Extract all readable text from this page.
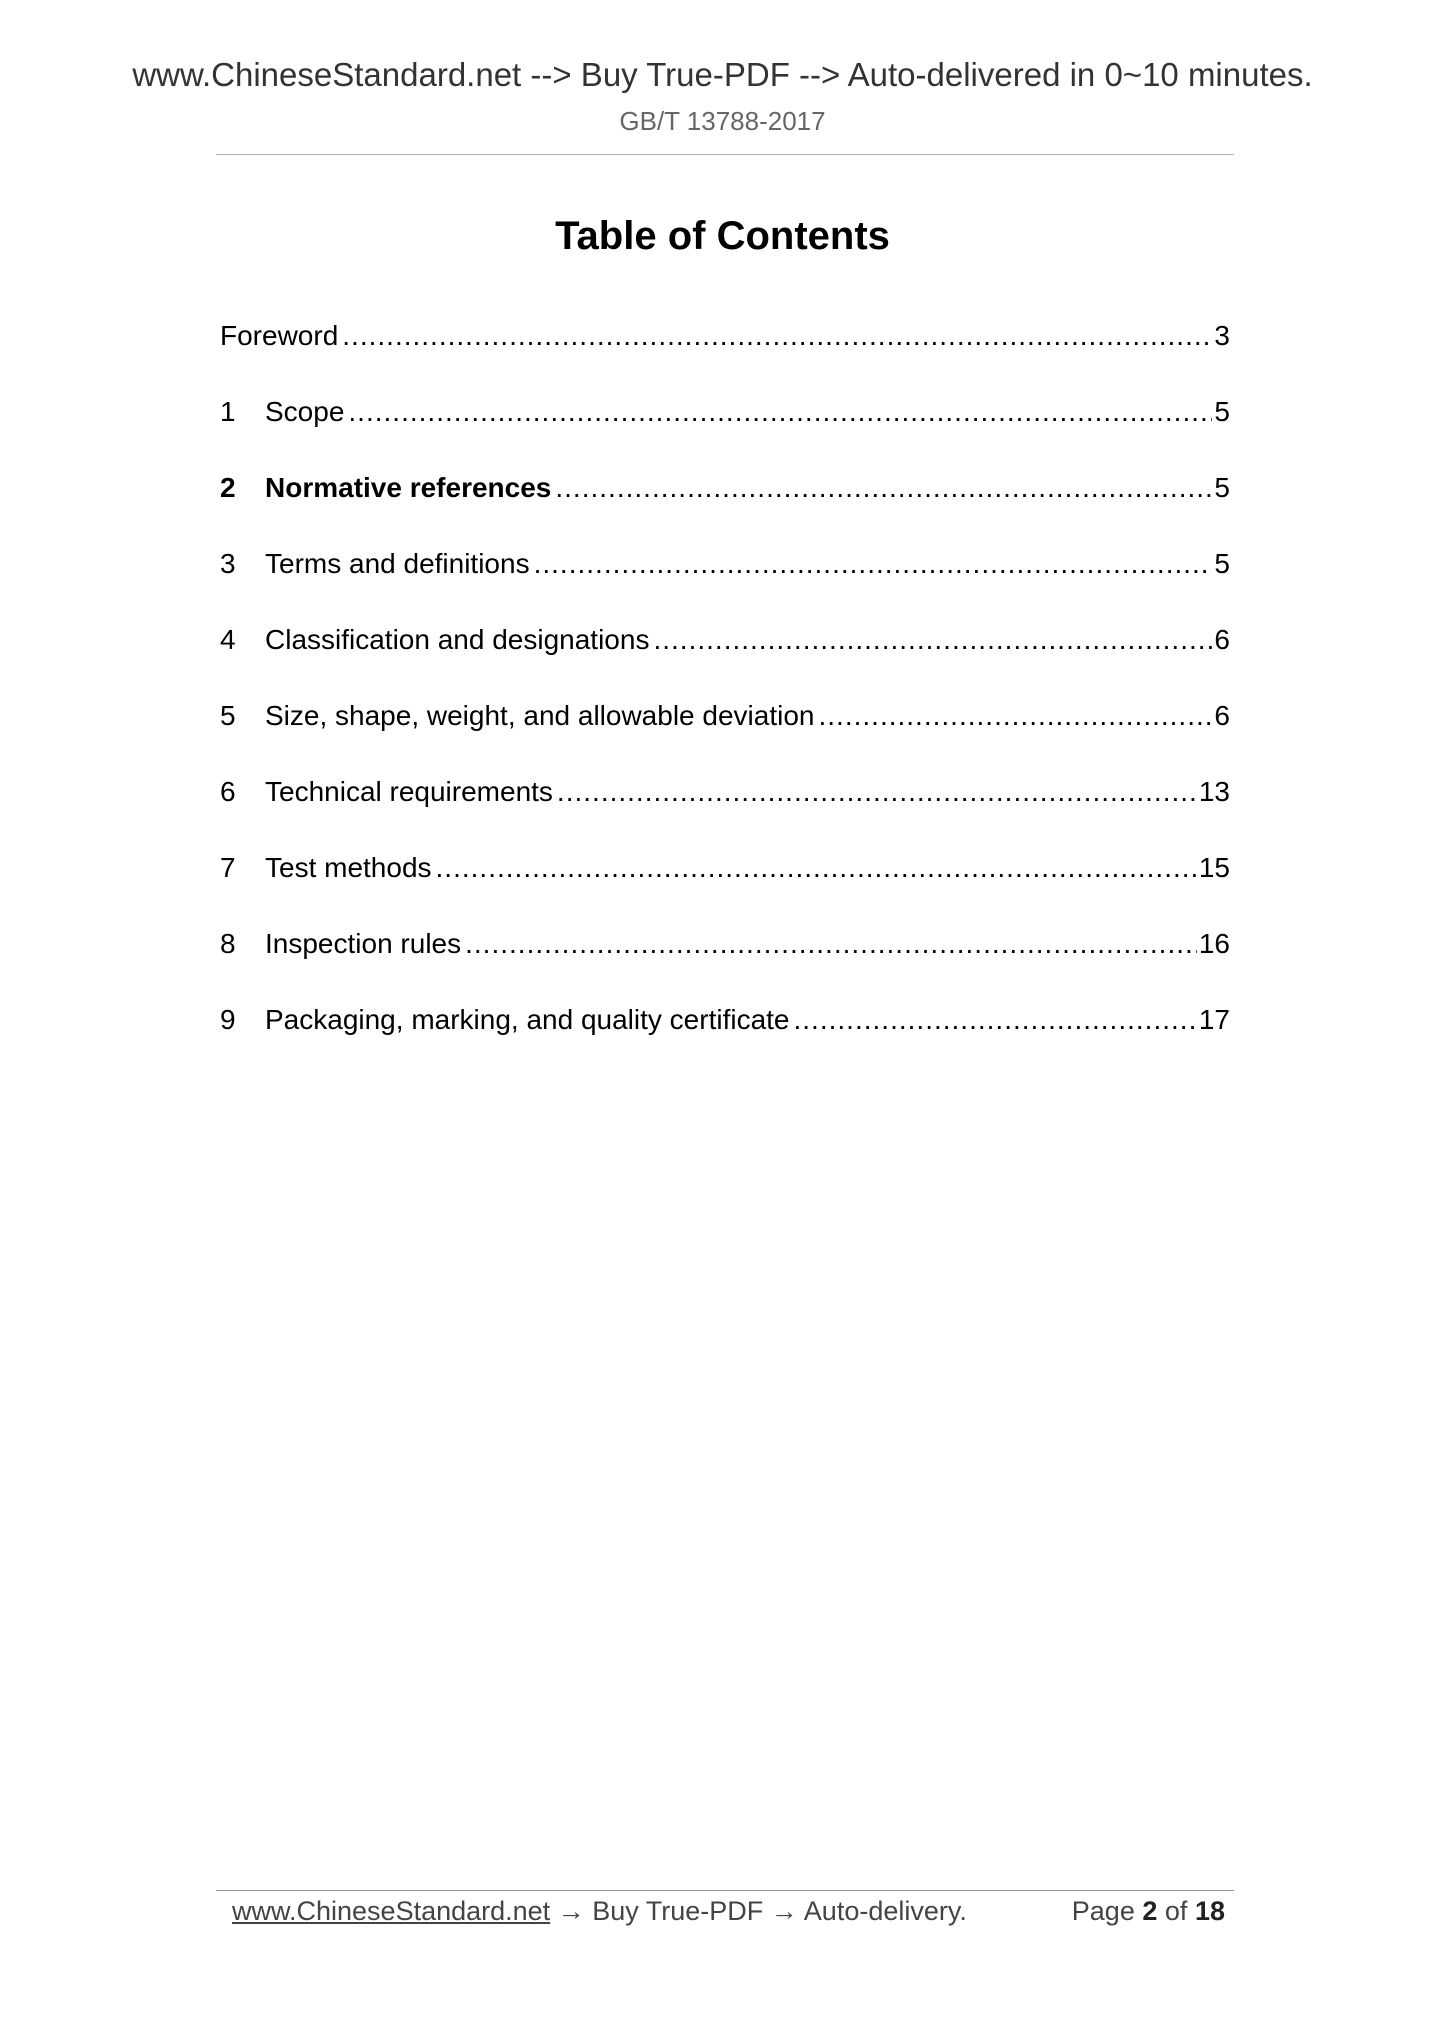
www.ChineseStandard.net --> Buy True-PDF --> Auto-delivered in 0~10 minutes.
GB/T 13788-2017
Table of Contents
Foreword .....	3
1	Scope .....	5
2	Normative references .....	5
3	Terms and definitions .....	5
4	Classification and designations .....	6
5	Size, shape, weight, and allowable deviation .....	6
6	Technical requirements .....	13
7	Test methods .....	15
8	Inspection rules .....	16
9	Packaging, marking, and quality certificate .....	17
www.ChineseStandard.net → Buy True-PDF → Auto-delivery.	Page 2 of 18
